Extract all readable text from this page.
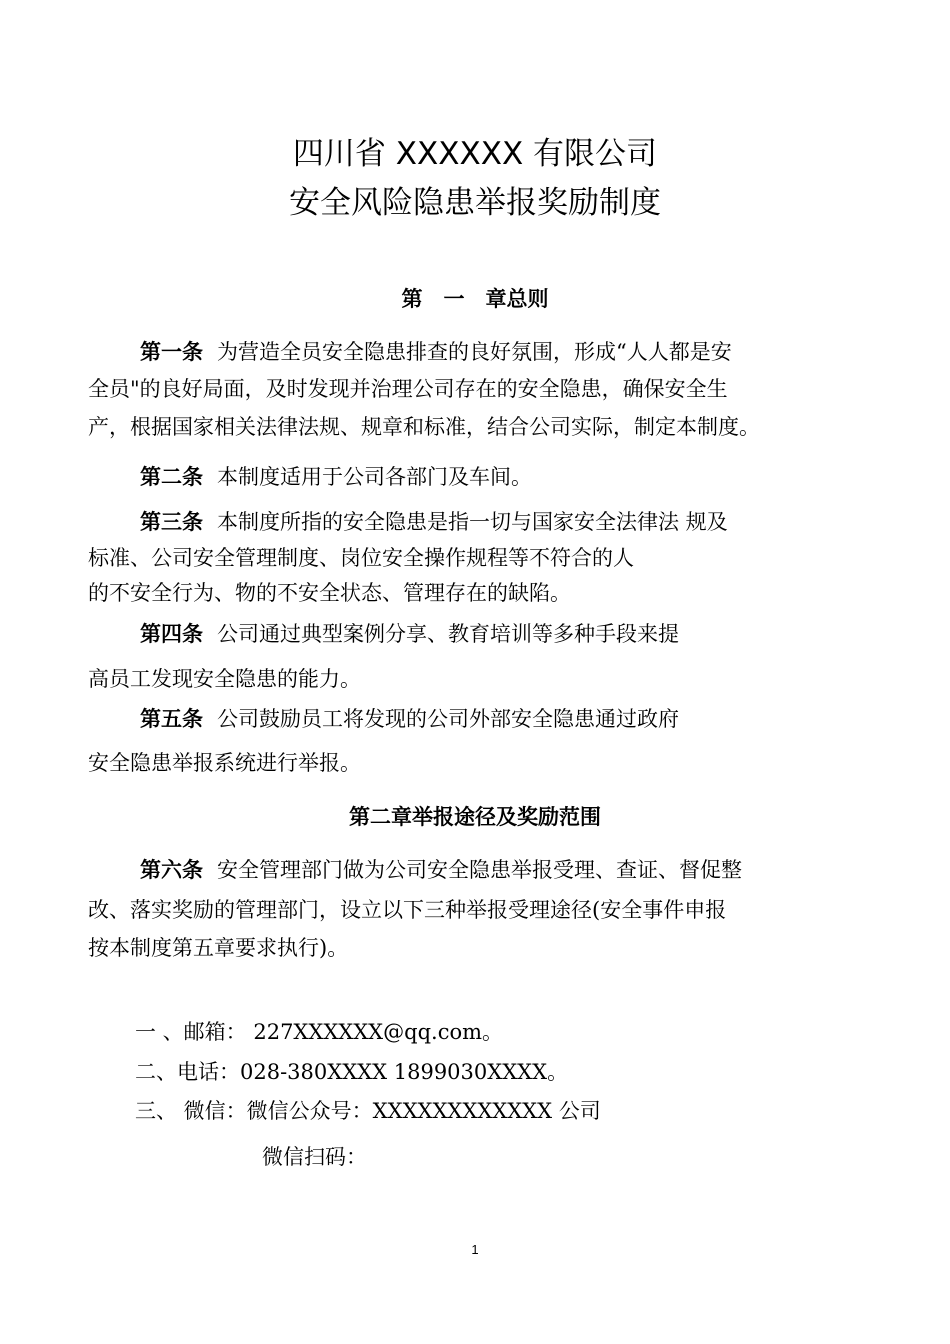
四川省 XXXXXX 有限公司
安全风险隐患举报奖励制度
第　一　章总则
第一条 为营造全员安全隐患排查的良好氛围，形成“人人都是安
全员"的良好局面，及时发现并治理公司存在的安全隐患，确保安全生
产，根据国家相关法律法规、规章和标准，结合公司实际，制定本制度。
第二条 本制度适用于公司各部门及车间。
第三条 本制度所指的安全隐患是指一切与国家安全法律法 规及
标准、公司安全管理制度、岗位安全操作规程等不符合的人
的不安全行为、物的不安全状态、管理存在的缺陷。
第四条 公司通过典型案例分享、教育培训等多种手段来提
高员工发现安全隐患的能力。
第五条 公司鼓励员工将发现的公司外部安全隐患通过政府
安全隐患举报系统进行举报。
第二章举报途径及奖励范围
第六条 安全管理部门做为公司安全隐患举报受理、查证、督促整
改、落实奖励的管理部门，设立以下三种举报受理途径(安全事件申报
按本制度第五章要求执行)。
一 、邮箱： 227XXXXXX@qq.com。
二、电话：028-380XXXX 1899030XXXX。
三、 微信：微信公众号：XXXXXXXXXXXX 公司
微信扫码：
1
